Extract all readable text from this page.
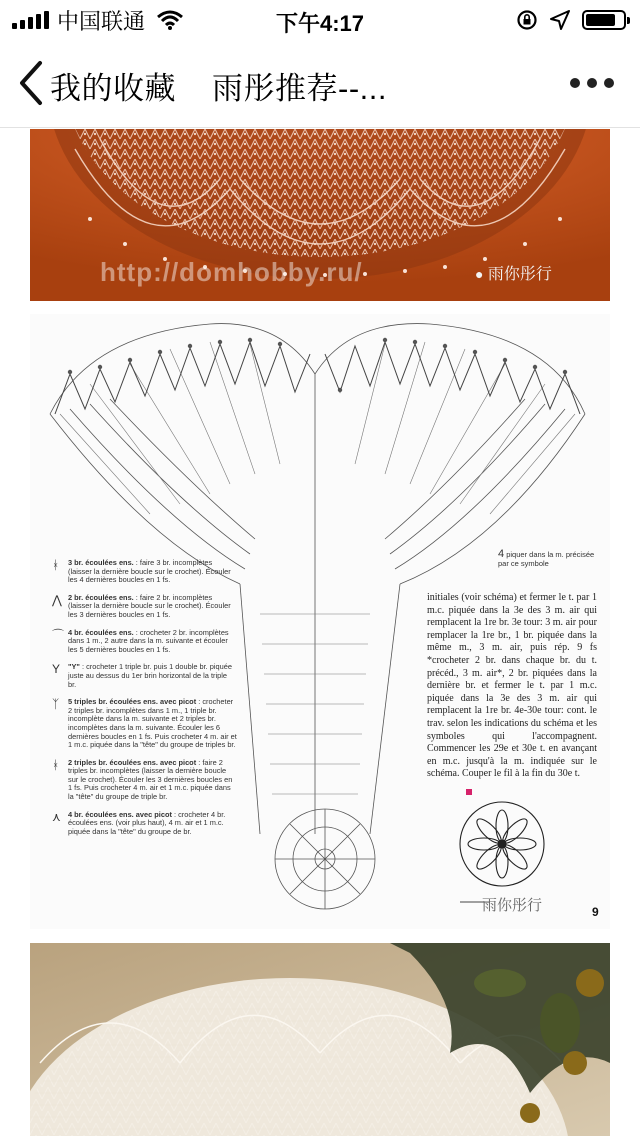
中国联通	下午4:17
我的收藏 雨彤推荐--...
http://domhobby.ru/	● 雨你彤行
ᚼ 3 br. écoulées ens. : faire 3 br. incomplètes (laisser la dernière boucle sur le crochet). Écouler les 4 dernières boucles en 1 fs.
⋀ 2 br. écoulées ens. : faire 2 br. incomplètes (laisser la dernière boucle sur le crochet). Écouler les 3 dernières boucles en 1 fs.
⌒ 4 br. écoulées ens. : crocheter 2 br. incomplètes dans 1 m., 2 autre dans la m. suivante et écouler les 5 dernières boucles en 1 fs.
Y "Y" : crocheter 1 triple br. puis 1 double br. piquée juste au dessus du 1er brin horizontal de la triple br.
ᛉ 5 triples br. écoulées ens. avec picot : crocheter 2 triples br. incomplètes dans 1 m., 1 triple br. incomplète dans la m. suivante et 2 triples br. incomplètes dans la m. suivante. Écouler les 6 dernières boucles en 1 fs. Puis crocheter 4 m. air et 1 m.c. piquée dans la "tête" du groupe de triples br.
ᚼ 2 triples br. écoulées ens. avec picot : faire 2 triples br. incomplètes (laisser la dernière boucle sur le crochet). Écouler les 3 dernières boucles en 1 fs. Puis crocheter 4 m. air et 1 m.c. piquée dans la "tête" du groupe de triple br.
⋏ 4 br. écoulées ens. avec picot : crocheter 4 br. écoulées ens. (voir plus haut), 4 m. air et 1 m.c. piquée dans la "tête" du groupe de br.
4 piquer dans la m. précisée par ce symbole
initiales (voir schéma) et fermer le t. par 1 m.c. piquée dans la 3e des 3 m. air qui remplacent la 1re br. 3e tour: 3 m. air pour remplacer la 1re br., 1 br. piquée dans la même m., 3 m. air, puis rép. 9 fs *crocheter 2 br. dans chaque br. du t. précéd., 3 m. air*, 2 br. piquées dans la dernière br. et fermer le t. par 1 m.c. piquée dans la 3e des 3 m. air qui remplacent la 1re br. 4e-30e tour: cont. le trav. selon les indications du schéma et les symboles qui l'accompagnent. Commencer les 29e et 30e t. en avançant en m.c. jusqu'à la m. indiquée sur le schéma. Couper le fil à la fin du 30e t.
雨你彤行	9
